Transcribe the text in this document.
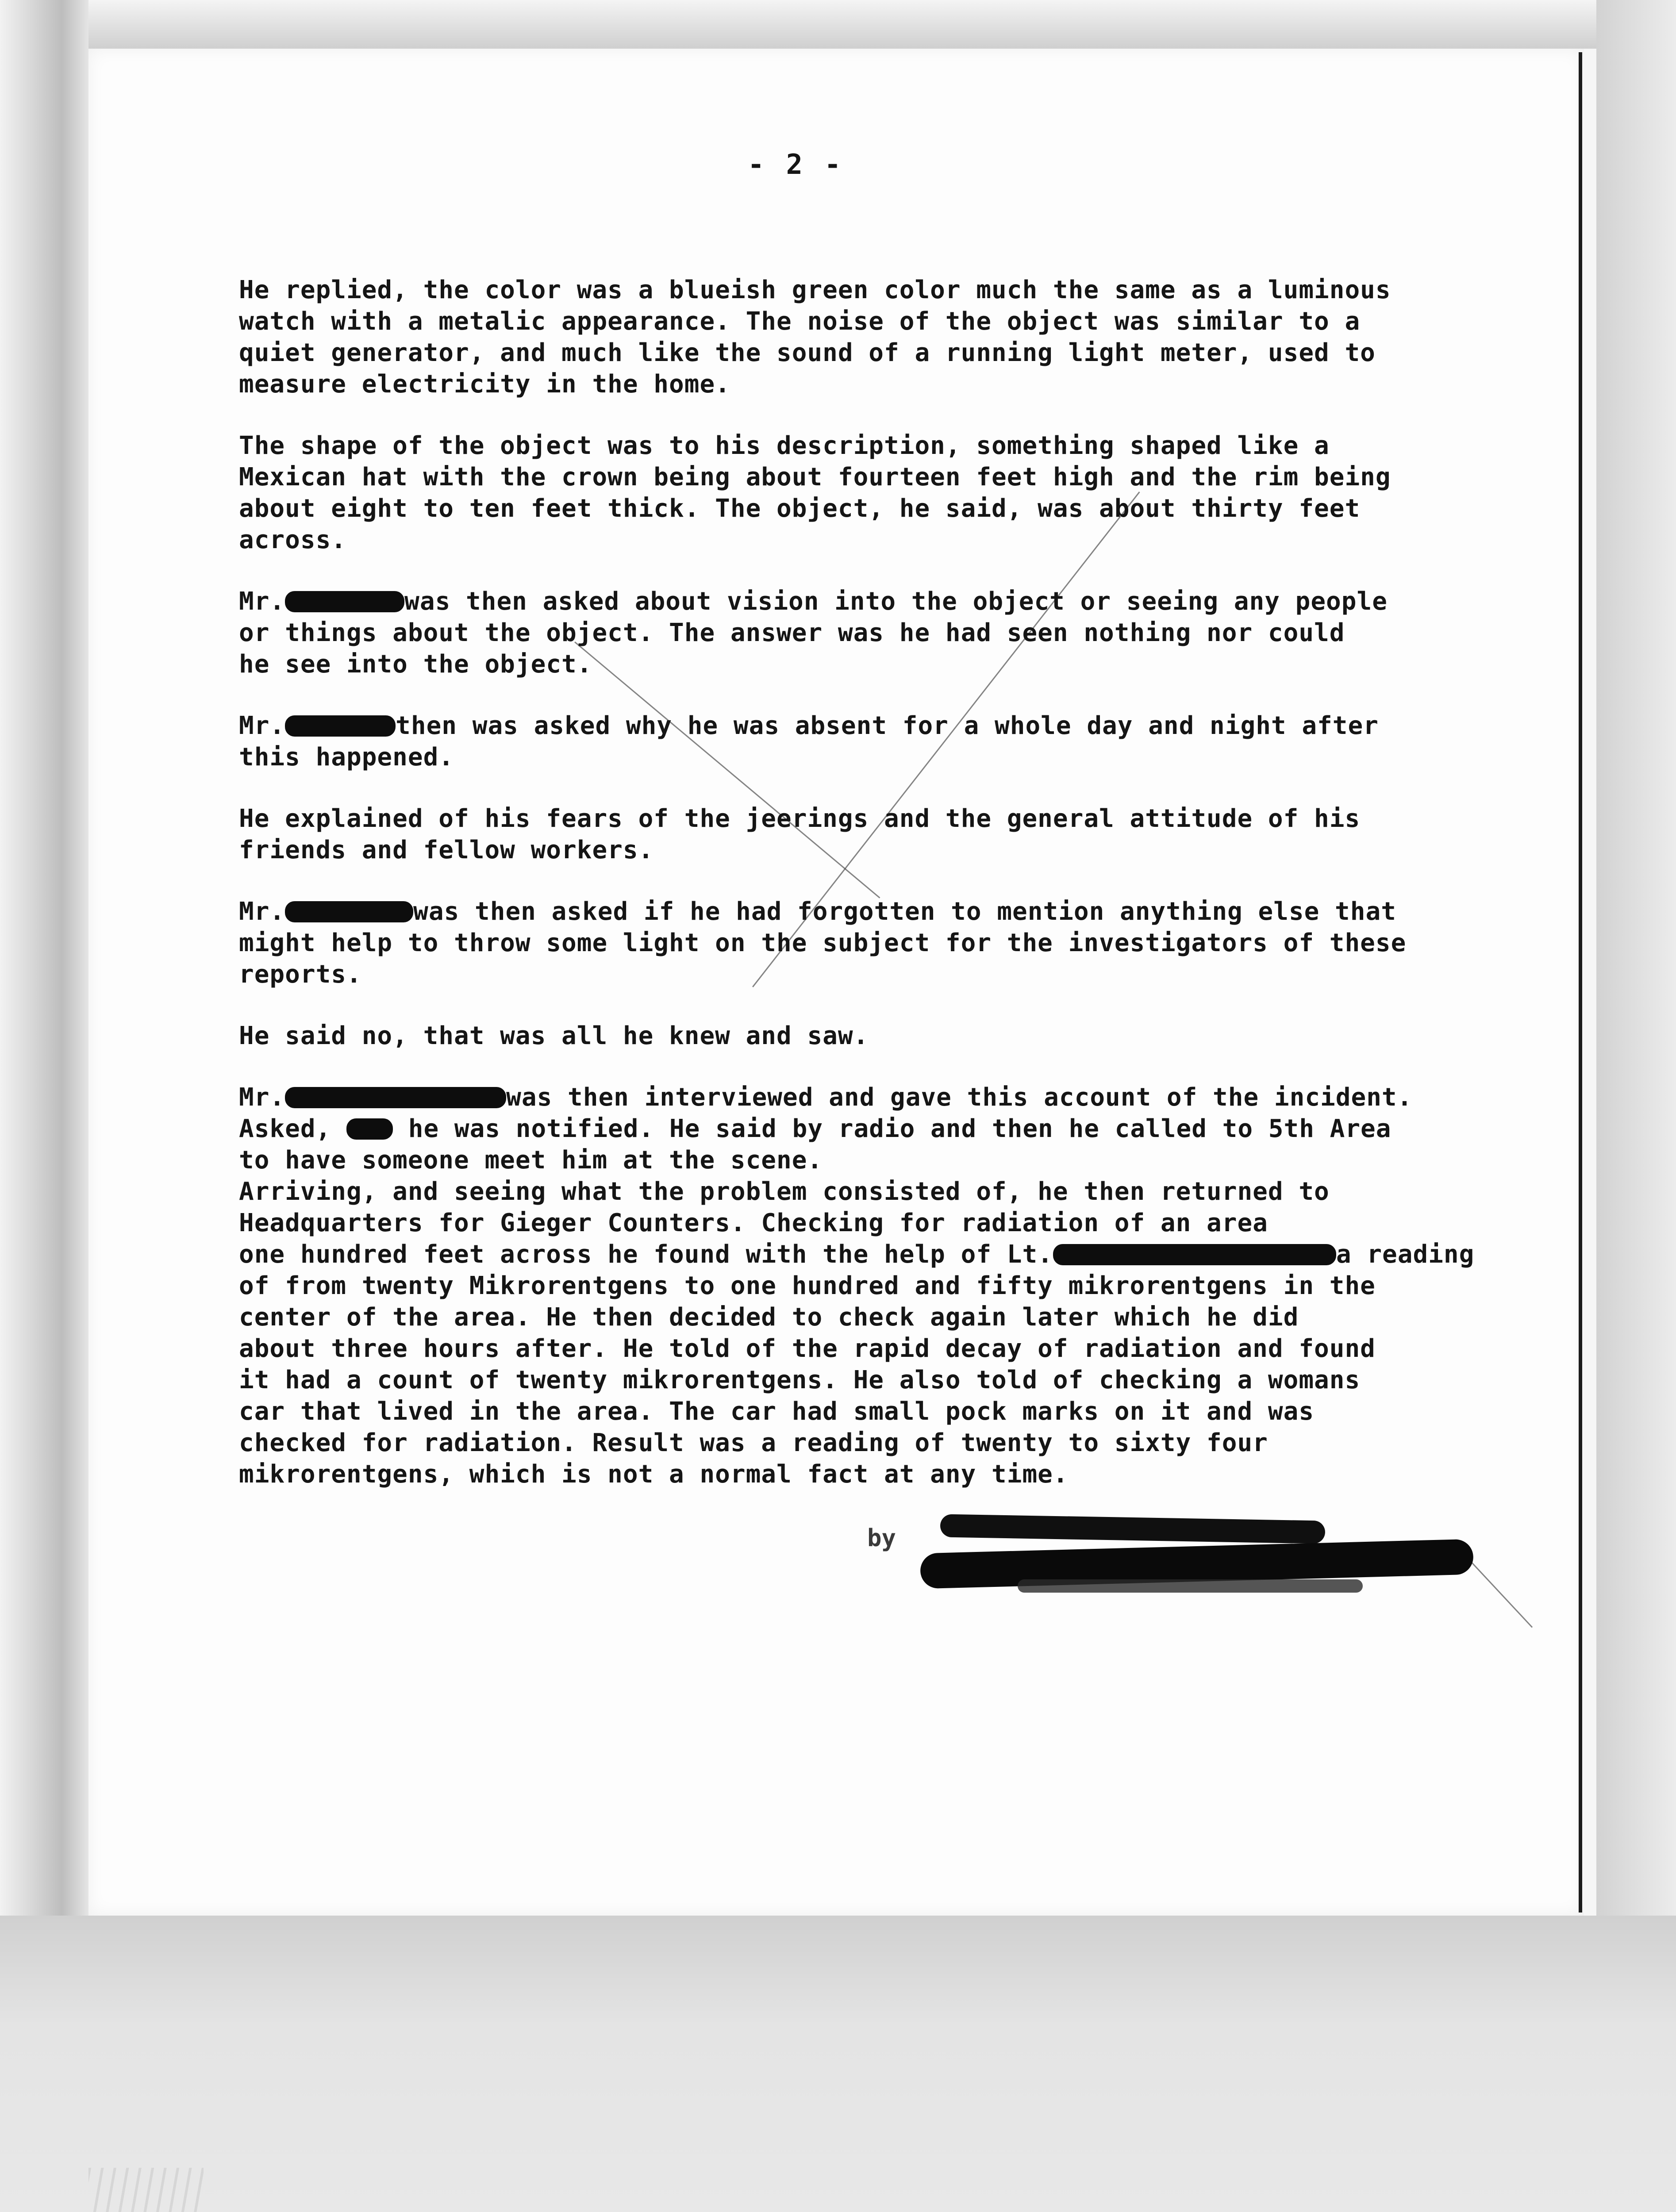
- 2 -
He replied, the color was a blueish green color much the same as a luminous
watch with a metalic appearance. The noise of the object was similar to a
quiet generator, and much like the sound of a running light meter, used to
measure electricity in the home.
The shape of the object was to his description, something shaped like a
Mexican hat with the crown being about fourteen feet high and the rim being
about eight to ten feet thick. The object, he said, was about thirty feet
across.
Mr.	was then asked about vision into the object or seeing any people
or things about the object. The answer was he had seen nothing nor could
he see into the object.
Mr.	then was asked why he was absent for a whole day and night after
this happened.
He explained of his fears of the jeerings and the general attitude of his
friends and fellow workers.
Mr.	was then asked if he had forgotten to mention anything else that
might help to throw some light on the subject for the investigators of these
reports.
He said no, that was all he knew and saw.
Mr.	was then interviewed and gave this account of the incident.
Asked,	he was notified. He said by radio and then he called to 5th Area
to have someone meet him at the scene.
Arriving, and seeing what the problem consisted of, he then returned to
Headquarters for Gieger Counters. Checking for radiation of an area
one hundred feet across he found with the help of Lt.	a reading
of from twenty Mikrorentgens to one hundred and fifty mikrorentgens in the
center of the area. He then decided to check again later which he did
about three hours after. He told of the rapid decay of radiation and found
it had a count of twenty mikrorentgens. He also told of checking a womans
car that lived in the area. The car had small pock marks on it and was
checked for radiation. Result was a reading of twenty to sixty four
mikrorentgens, which is not a normal fact at any time.
by
